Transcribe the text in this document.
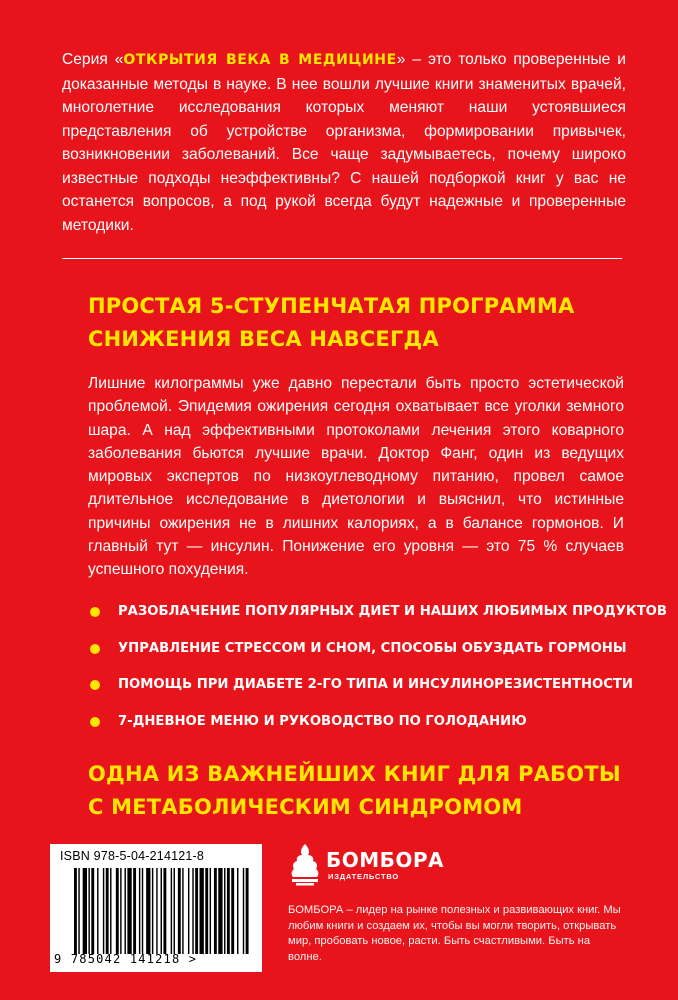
Серия «ОТКРЫТИЯ ВЕКА В МЕДИЦИНЕ» – это только проверенные и доказанные методы в науке. В нее вошли лучшие книги знаменитых врачей, многолетние исследования которых меняют наши устоявшиеся представления об устройстве организма, формировании привычек, возникновении заболеваний. Все чаще задумываетесь, почему широко известные подходы неэффективны? С нашей подборкой книг у вас не останется вопросов, а под рукой всегда будут надежные и проверенные методики.
ПРОСТАЯ 5-СТУПЕНЧАТАЯ ПРОГРАММА
СНИЖЕНИЯ ВЕСА НАВСЕГДА
Лишние килограммы уже давно перестали быть просто эстетической проблемой. Эпидемия ожирения сегодня охватывает все уголки земного шара. А над эффективными протоколами лечения этого коварного заболевания бьются лучшие врачи. Доктор Фанг, один из ведущих мировых экспертов по низкоуглеводному питанию, провел самое длительное исследование в диетологии и выяснил, что истинные причины ожирения не в лишних калориях, а в балансе гормонов. И главный тут — инсулин. Понижение его уровня — это 75 % случаев успешного похудения.
РАЗОБЛАЧЕНИЕ ПОПУЛЯРНЫХ ДИЕТ И НАШИХ ЛЮБИМЫХ ПРОДУКТОВ
УПРАВЛЕНИЕ СТРЕССОМ И СНОМ, СПОСОБЫ ОБУЗДАТЬ ГОРМОНЫ
ПОМОЩЬ ПРИ ДИАБЕТЕ 2-ГО ТИПА И ИНСУЛИНОРЕЗИСТЕНТНОСТИ
7-ДНЕВНОЕ МЕНЮ И РУКОВОДСТВО ПО ГОЛОДАНИЮ
ОДНА ИЗ ВАЖНЕЙШИХ КНИГ ДЛЯ РАБОТЫ
С МЕТАБОЛИЧЕСКИМ СИНДРОМОМ
ISBN 978-5-04-214121-8
9 785042 141218 >
БОМБОРА
ИЗДАТЕЛЬСТВО
БОМБОРА – лидер на рынке полезных и развивающих книг. Мы любим книги и создаем их, чтобы вы могли творить, открывать мир, пробовать новое, расти. Быть счастливыми. Быть на волне.
